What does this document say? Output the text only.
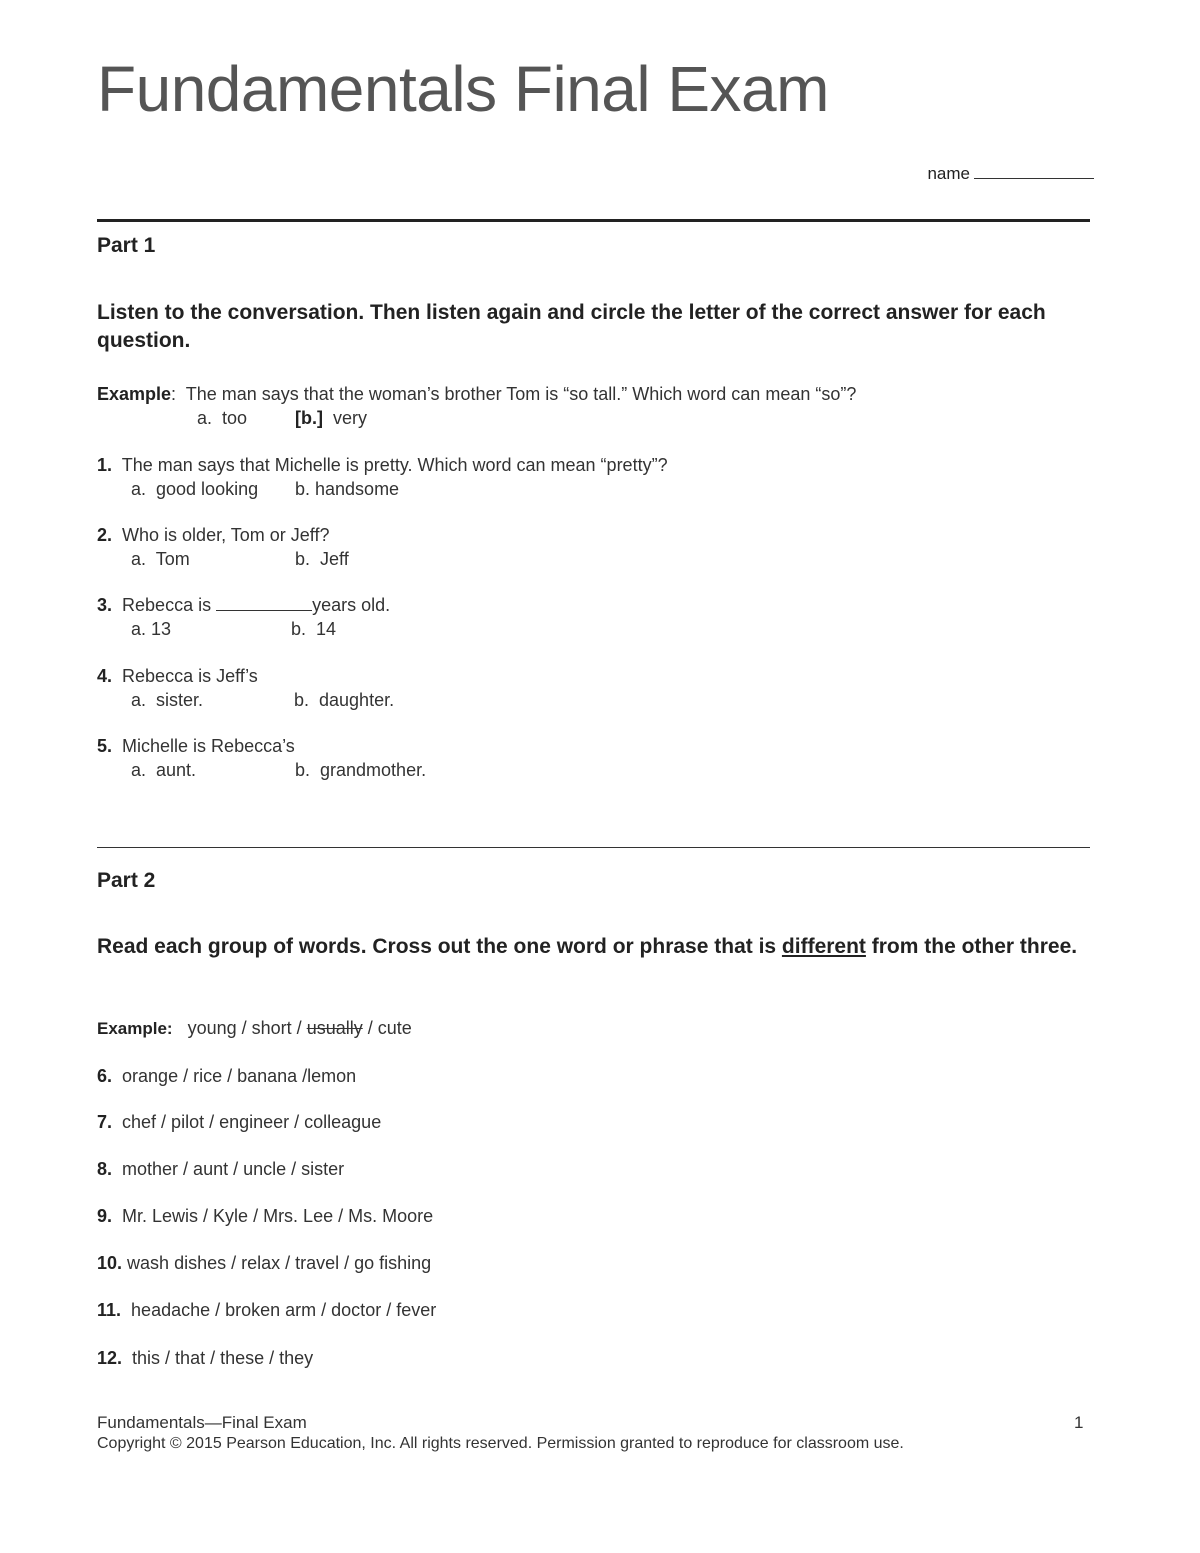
Fundamentals Final Exam
name
Part 1
Listen to the conversation. Then listen again and circle the letter of the correct answer for each question.
Example: The man says that the woman’s brother Tom is “so tall.” Which word can mean “so”?
a.  too	[b.] very
1. The man says that Michelle is pretty. Which word can mean “pretty”?
a.  good looking b. handsome
2. Who is older, Tom or Jeff?
a.  Tom	b.  Jeff
3. Rebecca is	years old.
a. 13	b.  14
4. Rebecca is Jeff’s
a.  sister.	b.  daughter.
5. Michelle is Rebecca’s
a.  aunt.	b.  grandmother.
Part 2
Read each group of words. Cross out the one word or phrase that is different from the other three.
Example: young / short / usually / cute
6. orange / rice / banana /lemon
7. chef / pilot / engineer / colleague
8. mother / aunt / uncle / sister
9. Mr. Lewis / Kyle / Mrs. Lee / Ms. Moore
10. wash dishes / relax / travel / go fishing
11. headache / broken arm / doctor / fever
12. this / that / these / they
Fundamentals—Final Exam	1
Copyright © 2015 Pearson Education, Inc. All rights reserved. Permission granted to reproduce for classroom use.
